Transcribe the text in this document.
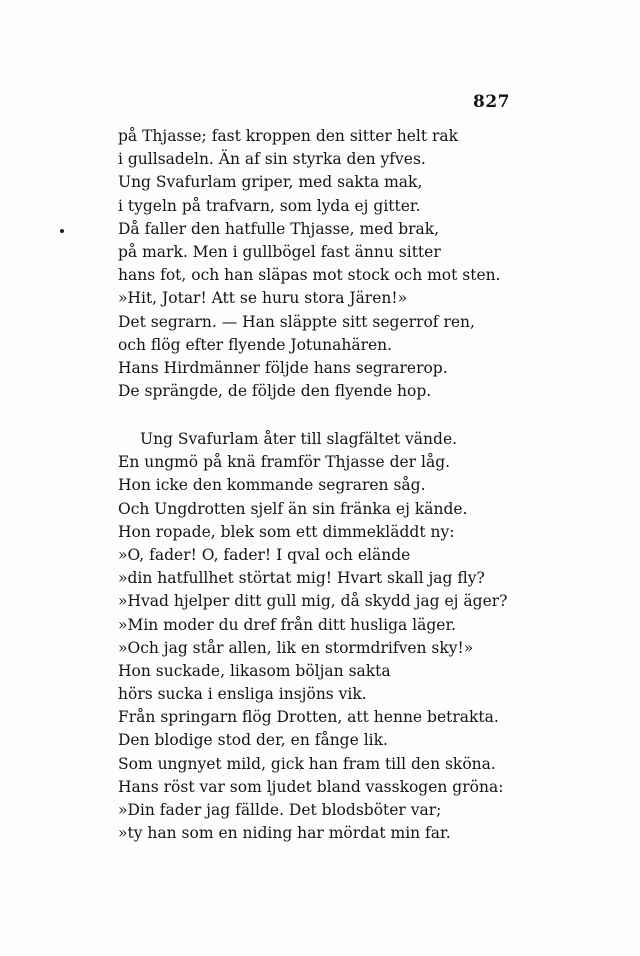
827
på Thjasse; fast kroppen den sitter helt rak
i gullsadeln. Än af sin styrka den yfves.
Ung Svafurlam griper, med sakta mak,
i tygeln på trafvarn, som lyda ej gitter.
Då faller den hatfulle Thjasse, med brak,
på mark. Men i gullbögel fast ännu sitter
hans fot, och han släpas mot stock och mot sten.
»Hit, Jotar! Att se huru stora Jären!»
Det segrarn. — Han släppte sitt segerrof ren,
och flög efter flyende Jotunahären.
Hans Hirdmänner följde hans segrarerop.
De sprängde, de följde den flyende hop.
Ung Svafurlam åter till slagfältet vände.
En ungmö på knä framför Thjasse der låg.
Hon icke den kommande segraren såg.
Och Ungdrotten sjelf än sin fränka ej kände.
Hon ropade, blek som ett dimmekläddt ny:
»O, fader! O, fader! I qval och elände
»din hatfullhet störtat mig! Hvart skall jag fly?
»Hvad hjelper ditt gull mig, då skydd jag ej äger?
»Min moder du dref från ditt husliga läger.
»Och jag står allen, lik en stormdrifven sky!»
Hon suckade, likasom böljan sakta
hörs sucka i ensliga insjöns vik.
Från springarn flög Drotten, att henne betrakta.
Den blodige stod der, en fånge lik.
Som ungnyet mild, gick han fram till den sköna.
Hans röst var som ljudet bland vasskogen gröna:
»Din fader jag fällde. Det blodsböter var;
»ty han som en niding har mördat min far.
